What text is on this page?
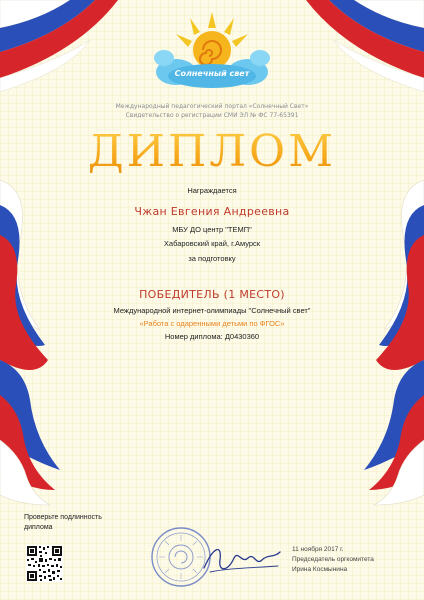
Солнечный свет
Международный педагогический портал «Солнечный Свет»
Свидетельство о регистрации СМИ ЭЛ № ФС 77-65391
ДИПЛОМ
Награждается
Чжан Евгения Андреевна
МБУ ДО центр "ТЕМП"
Хабаровский край, г.Амурск
за подготовку
ПОБЕДИТЕЛЬ (1 МЕСТО)
Международной интернет-олимпиады "Солнечный свет"
«Работа с одаренными детьми по ФГОС»
Номер диплома: Д0430360
Проверьте подлинность
диплома
11 ноября 2017 г.
Председатель оргкомитета
Ирина Космынина
